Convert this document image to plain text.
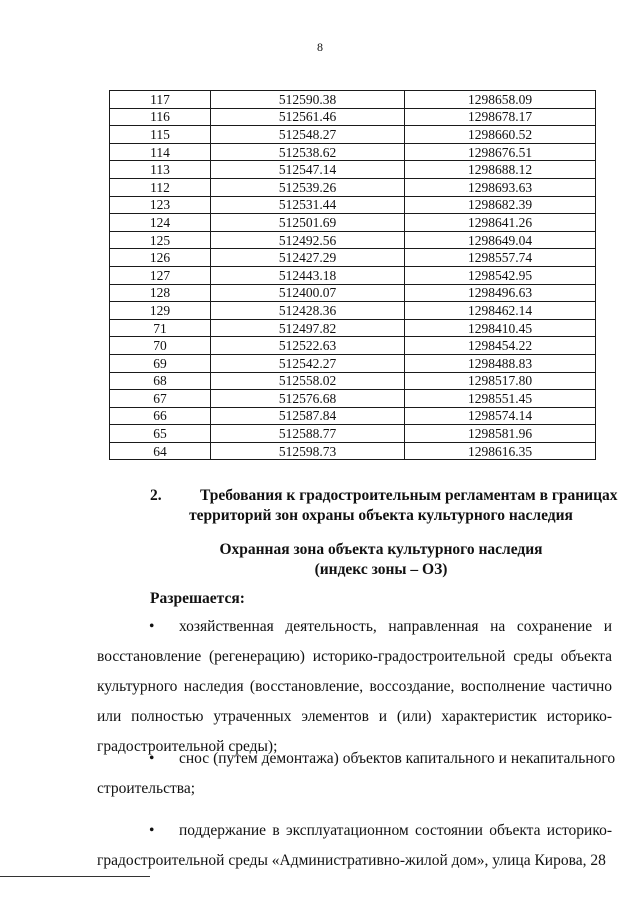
8
117	512590.38	1298658.09
116	512561.46	1298678.17
115	512548.27	1298660.52
114	512538.62	1298676.51
113	512547.14	1298688.12
112	512539.26	1298693.63
123	512531.44	1298682.39
124	512501.69	1298641.26
125	512492.56	1298649.04
126	512427.29	1298557.74
127	512443.18	1298542.95
128	512400.07	1298496.63
129	512428.36	1298462.14
71	512497.82	1298410.45
70	512522.63	1298454.22
69	512542.27	1298488.83
68	512558.02	1298517.80
67	512576.68	1298551.45
66	512587.84	1298574.14
65	512588.77	1298581.96
64	512598.73	1298616.35
2. Требования к градостроительным регламентам в границах
территорий зон охраны объекта культурного наследия
Охранная зона объекта культурного наследия
(индекс зоны – ОЗ)
Разрешается:
• хозяйственная деятельность, направленная на сохранение и
восстановление (регенерацию) историко-градостроительной среды объекта
культурного наследия (восстановление, воссоздание, восполнение частично
или полностью утраченных элементов и (или) характеристик историко-
градостроительной среды);
• снос (путем демонтажа) объектов капитального и некапитального
строительства;
• поддержание в эксплуатационном состоянии объекта историко-
градостроительной среды «Административно-жилой дом», улица Кирова, 28
